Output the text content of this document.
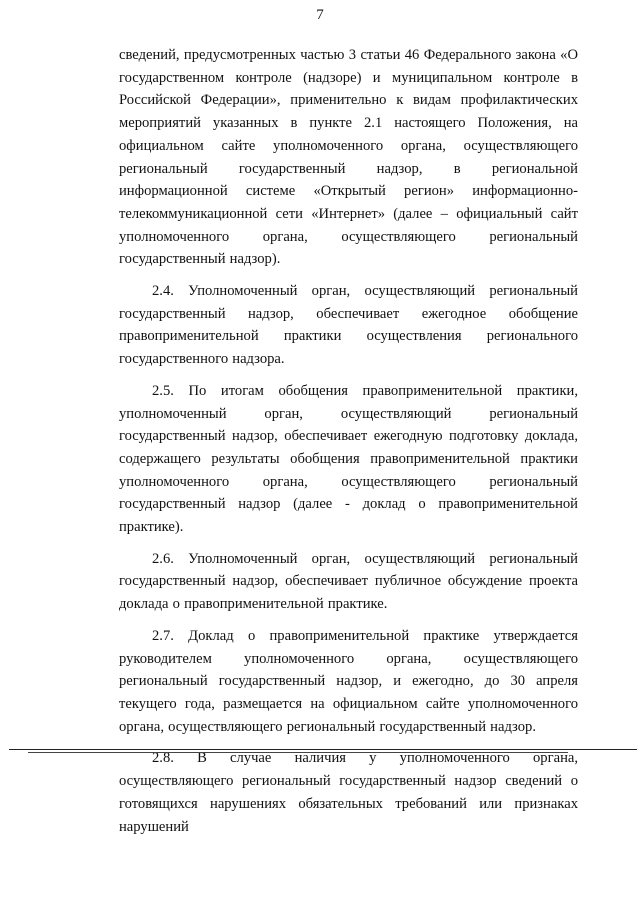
7

сведений, предусмотренных частью 3 статьи 46 Федерального закона «О государственном контроле (надзоре) и муниципальном контроле в Российской Федерации», применительно к видам профилактических мероприятий указанных в пункте 2.1 настоящего Положения, на официальном сайте уполномоченного органа, осуществляющего региональный государственный надзор, в региональной информационной системе «Открытый регион» информационно-телекоммуникационной сети «Интернет» (далее – официальный сайт уполномоченного органа, осуществляющего региональный государственный надзор).

2.4. Уполномоченный орган, осуществляющий региональный государственный надзор, обеспечивает ежегодное обобщение правоприменительной практики осуществления регионального государственного надзора.

2.5. По итогам обобщения правоприменительной практики, уполномоченный орган, осуществляющий региональный государственный надзор, обеспечивает ежегодную подготовку доклада, содержащего результаты обобщения правоприменительной практики уполномоченного органа, осуществляющего региональный государственный надзор (далее - доклад о правоприменительной практике).

2.6. Уполномоченный орган, осуществляющий региональный государственный надзор, обеспечивает публичное обсуждение проекта доклада о правоприменительной практике.

2.7. Доклад о правоприменительной практике утверждается руководителем уполномоченного органа, осуществляющего региональный государственный надзор, и ежегодно, до 30 апреля текущего года, размещается на официальном сайте уполномоченного органа, осуществляющего региональный государственный надзор.

2.8. В случае наличия у уполномоченного органа, осуществляющего региональный государственный надзор сведений о готовящихся нарушениях обязательных требований или признаках нарушений
